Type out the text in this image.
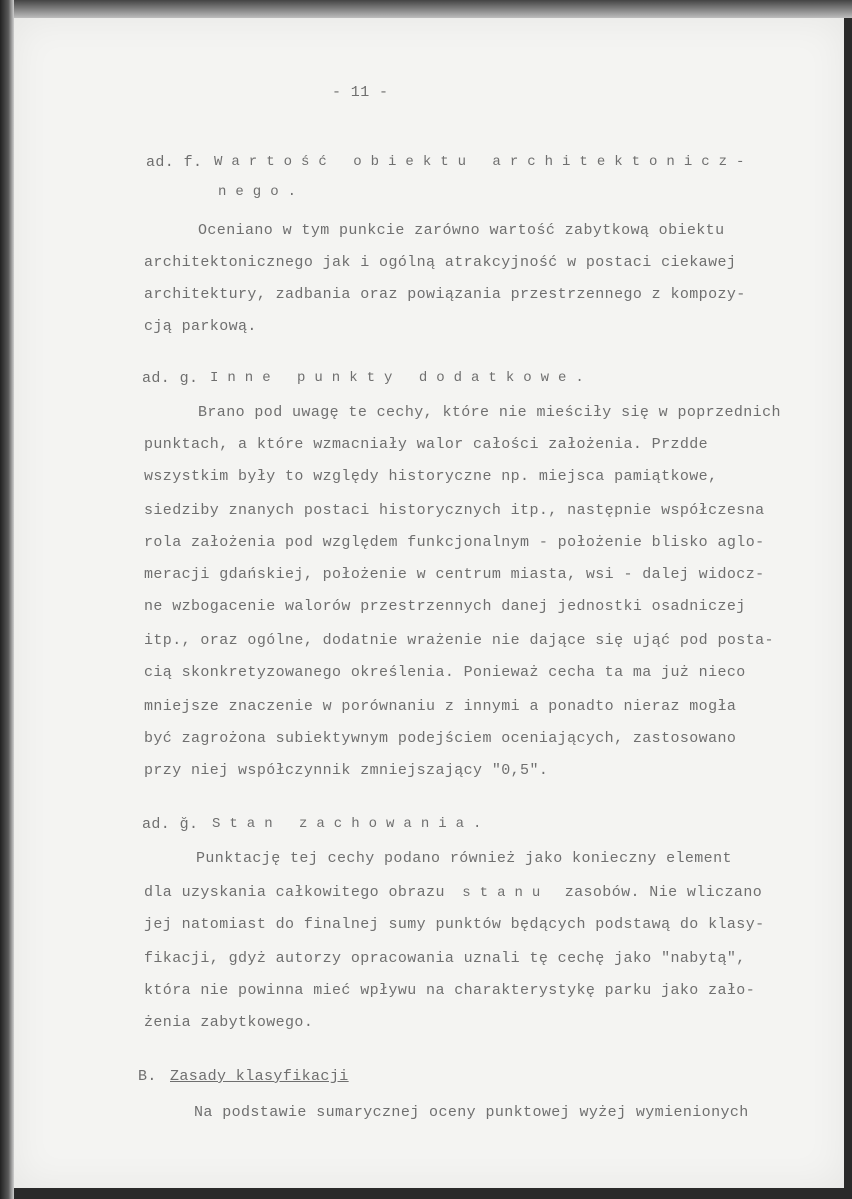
- 11 -
ad. f. Wartość obiektu architektonicz-
nego.
Oceniano w tym punkcie zarówno wartość zabytkową obiektu
architektonicznego jak i ogólną atrakcyjność w postaci ciekawej
architektury, zadbania oraz powiązania przestrzennego z kompozy-
cją parkową.
ad. g. Inne punkty dodatkowe.
Brano pod uwagę te cechy, które nie mieściły się w poprzednich
punktach, a które wzmacniały walor całości założenia. Przdde
wszystkim były to względy historyczne np. miejsca pamiątkowe,
siedziby znanych postaci historycznych itp., następnie współczesna
rola założenia pod względem funkcjonalnym - położenie blisko aglo-
meracji gdańskiej, położenie w centrum miasta, wsi - dalej widocz-
ne wzbogacenie walorów przestrzennych danej jednostki osadniczej
itp., oraz ogólne, dodatnie wrażenie nie dające się ująć pod posta-
cią skonkretyzowanego określenia. Ponieważ cecha ta ma już nieco
mniejsze znaczenie w porównaniu z innymi a ponadto nieraz mogła
być zagrożona subiektywnym podejściem oceniających, zastosowano
przy niej współczynnik zmniejszający "0,5".
ad. ğ. Stan zachowania.
Punktację tej cechy podano również jako konieczny element
dla uzyskania całkowitego obrazu stanu zasobów. Nie wliczano
jej natomiast do finalnej sumy punktów będących podstawą do klasy-
fikacji, gdyż autorzy opracowania uznali tę cechę jako "nabytą",
która nie powinna mieć wpływu na charakterystykę parku jako zało-
żenia zabytkowego.
B. Zasady klasyfikacji
Na podstawie sumarycznej oceny punktowej wyżej wymienionych
